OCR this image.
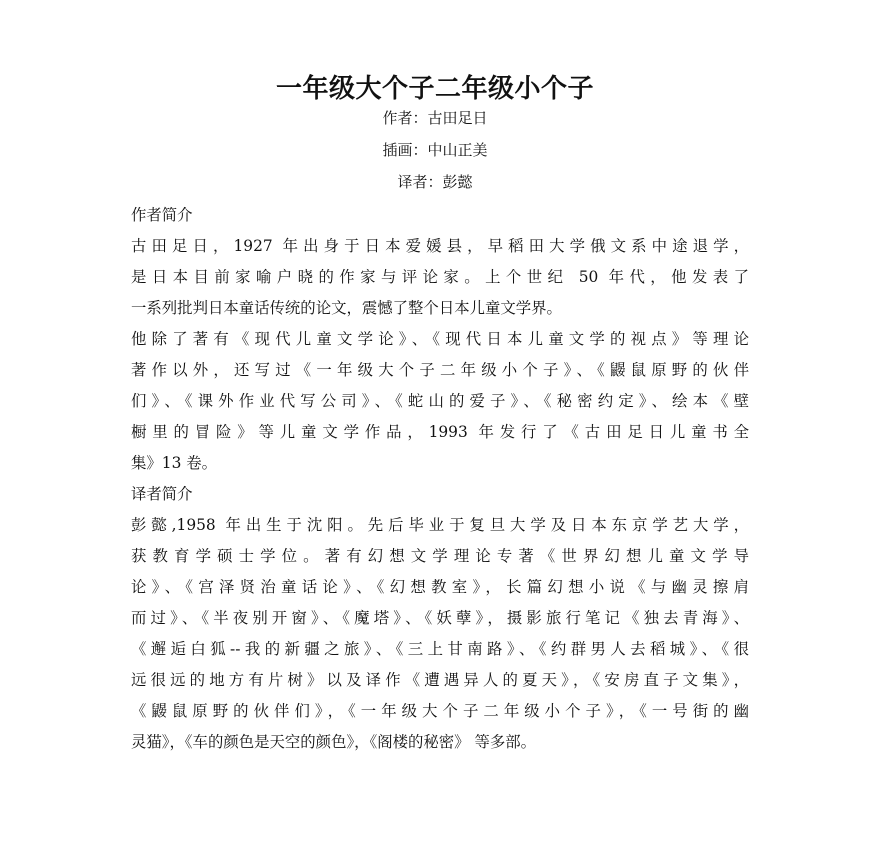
一年级大个子二年级小个子
作者：古田足日
插画：中山正美
译者：彭懿
作者简介
古田足日，1927 年出身于日本爱媛县，早稻田大学俄文系中途退学，
是日本目前家喻户晓的作家与评论家。上个世纪 50 年代，他发表了
一系列批判日本童话传统的论文，震憾了整个日本儿童文学界。
他除了著有《现代儿童文学论》、《现代日本儿童文学的视点》等理论
著作以外，还写过《一年级大个子二年级小个子》、《鼹鼠原野的伙伴
们》、《课外作业代写公司》、《蛇山的爱子》、《秘密约定》、绘本《壁
橱里的冒险》等儿童文学作品，1993 年发行了《古田足日儿童书全
集》13 卷。
译者简介
彭懿,1958 年出生于沈阳。先后毕业于复旦大学及日本东京学艺大学，
获教育学硕士学位。著有幻想文学理论专著《世界幻想儿童文学导
论》、《宫泽贤治童话论》、《幻想教室》，长篇幻想小说《与幽灵擦肩
而过》、《半夜别开窗》、《魔塔》、《妖孽》，摄影旅行笔记《独去青海》、
《邂逅白狐--我的新疆之旅》、《三上甘南路》、《约群男人去稻城》、《很
远很远的地方有片树》以及译作《遭遇异人的夏天》，《安房直子文集》，
《鼹鼠原野的伙伴们》，《一年级大个子二年级小个子》，《一号街的幽
灵猫》，《车的颜色是天空的颜色》，《阁楼的秘密》 等多部。
